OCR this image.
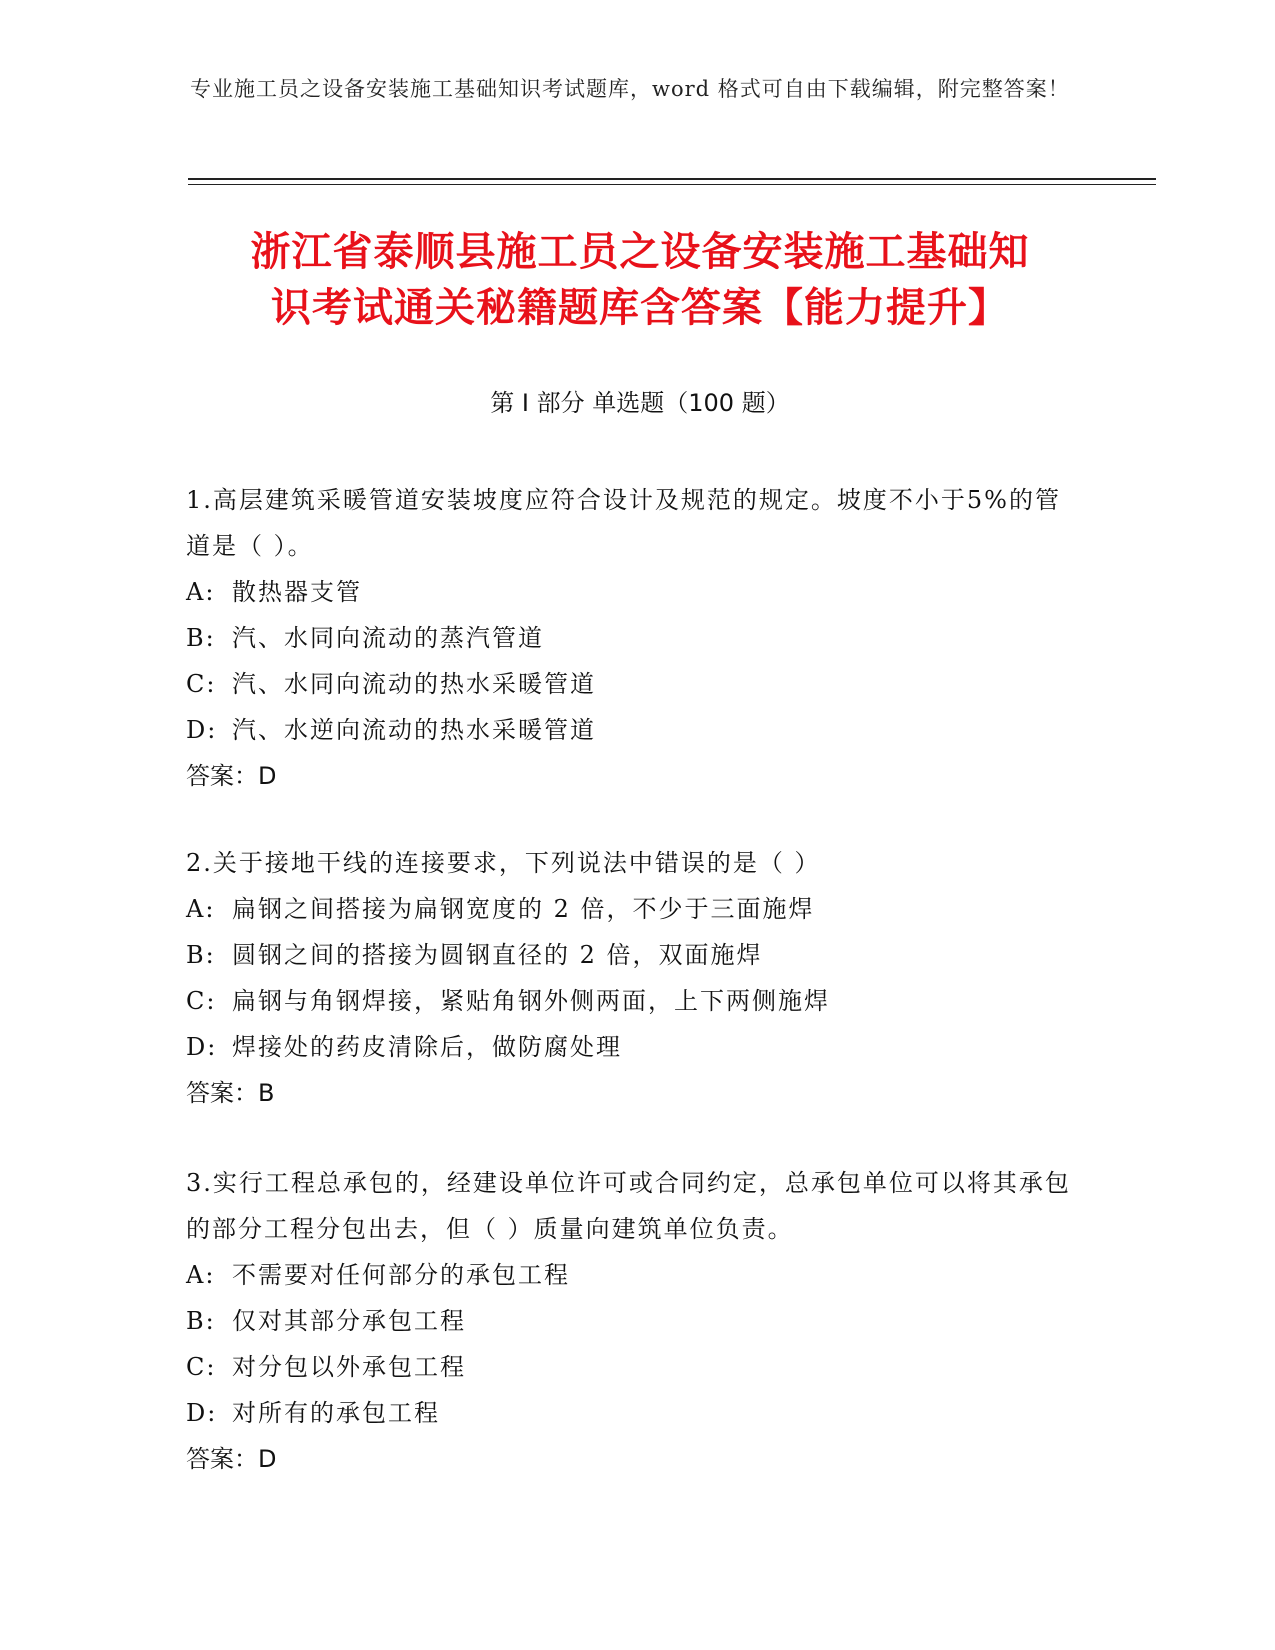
专业施工员之设备安装施工基础知识考试题库，word 格式可自由下载编辑，附完整答案！
浙江省泰顺县施工员之设备安装施工基础知
识考试通关秘籍题库含答案【能力提升】
第 I 部分 单选题（100 题）

1.高层建筑采暖管道安装坡度应符合设计及规范的规定。坡度不小于5%的管道是（ ）。

A: 散热器支管

B: 汽、水同向流动的蒸汽管道

C: 汽、水同向流动的热水采暖管道

D: 汽、水逆向流动的热水采暖管道

答案：D

2.关于接地干线的连接要求，下列说法中错误的是（ ）

A: 扁钢之间搭接为扁钢宽度的 2 倍，不少于三面施焊

B: 圆钢之间的搭接为圆钢直径的 2 倍，双面施焊

C: 扁钢与角钢焊接，紧贴角钢外侧两面，上下两侧施焊

D: 焊接处的药皮清除后，做防腐处理

答案：B

3.实行工程总承包的，经建设单位许可或合同约定，总承包单位可以将其承包的部分工程分包出去，但（ ）质量向建筑单位负责。

A: 不需要对任何部分的承包工程

B: 仅对其部分承包工程

C: 对分包以外承包工程

D: 对所有的承包工程

答案：D
